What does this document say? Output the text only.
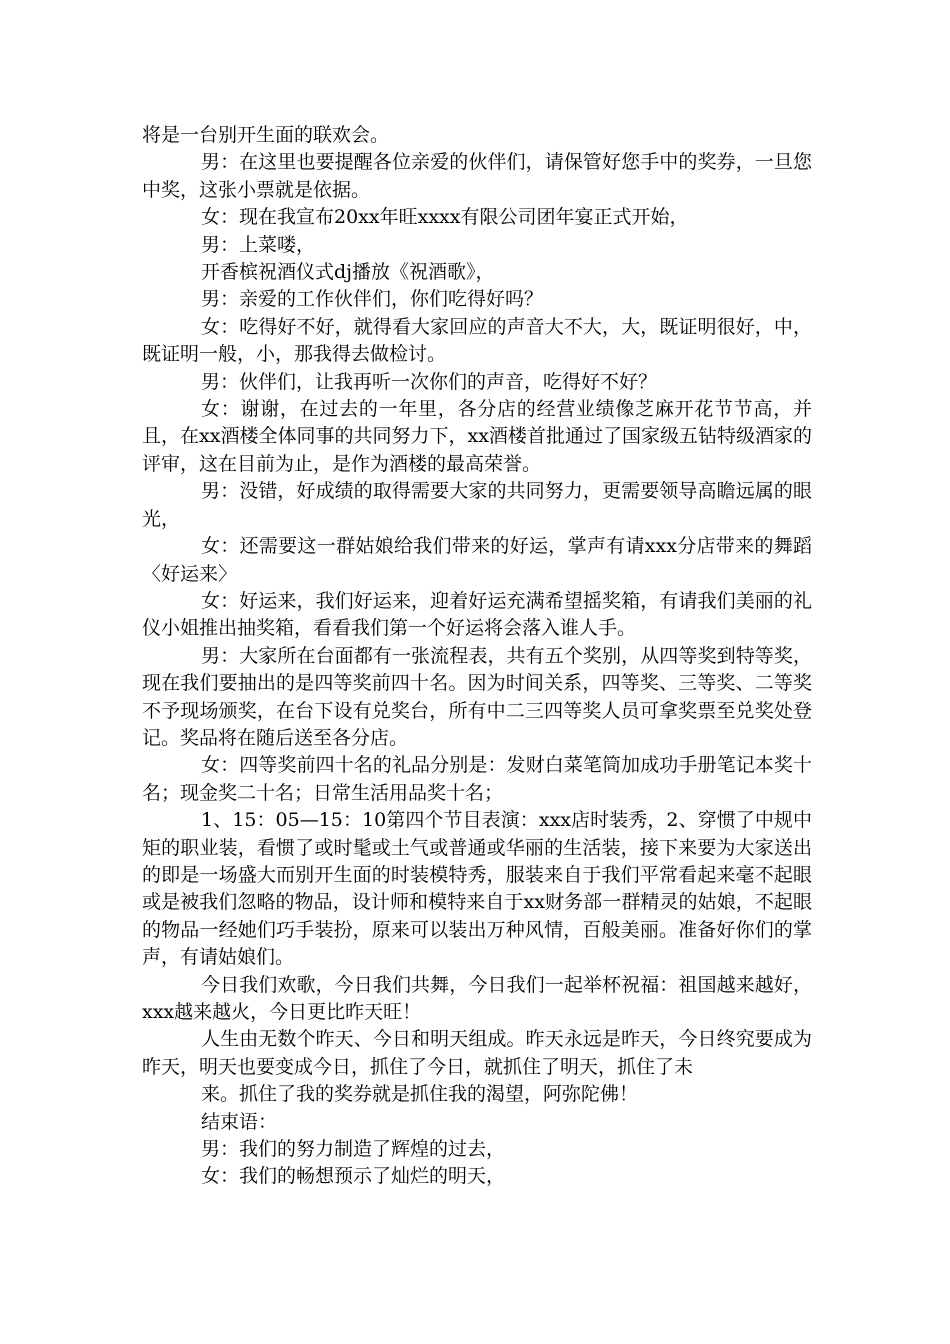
将是一台别开生面的联欢会。

男：在这里也要提醒各位亲爱的伙伴们，请保管好您手中的奖券，一旦您中奖，这张小票就是依据。

女：现在我宣布20xx年旺xxxx有限公司团年宴正式开始，

男：上菜喽，

开香槟祝酒仪式dj播放《祝酒歌》，

男：亲爱的工作伙伴们，你们吃得好吗？

女：吃得好不好，就得看大家回应的声音大不大，大，既证明很好，中，既证明一般，小，那我得去做检讨。

男：伙伴们，让我再听一次你们的声音，吃得好不好？

女：谢谢，在过去的一年里，各分店的经营业绩像芝麻开花节节高，并且，在xx酒楼全体同事的共同努力下，xx酒楼首批通过了国家级五钻特级酒家的评审，这在目前为止，是作为酒楼的最高荣誉。

男：没错，好成绩的取得需要大家的共同努力，更需要领导高瞻远属的眼光，

女：还需要这一群姑娘给我们带来的好运，掌声有请xxx分店带来的舞蹈〈好运来〉

女：好运来，我们好运来，迎着好运充满希望摇奖箱，有请我们美丽的礼仪小姐推出抽奖箱，看看我们第一个好运将会落入谁人手。

男：大家所在台面都有一张流程表，共有五个奖别，从四等奖到特等奖，现在我们要抽出的是四等奖前四十名。因为时间关系，四等奖、三等奖、二等奖不予现场颁奖，在台下设有兑奖台，所有中二三四等奖人员可拿奖票至兑奖处登记。奖品将在随后送至各分店。

女：四等奖前四十名的礼品分别是：发财白菜笔筒加成功手册笔记本奖十名；现金奖二十名；日常生活用品奖十名；

1、15：05—15：10第四个节目表演：xxx店时装秀，2、穿惯了中规中矩的职业装，看惯了或时髦或土气或普通或华丽的生活装，接下来要为大家送出的即是一场盛大而别开生面的时装模特秀，服装来自于我们平常看起来毫不起眼或是被我们忽略的物品，设计师和模特来自于xx财务部一群精灵的姑娘，不起眼的物品一经她们巧手装扮，原来可以装出万种风情，百般美丽。准备好你们的掌声，有请姑娘们。

今日我们欢歌，今日我们共舞，今日我们一起举杯祝福：祖国越来越好，xxx越来越火，今日更比昨天旺！

人生由无数个昨天、今日和明天组成。昨天永远是昨天，今日终究要成为昨天，明天也要变成今日，抓住了今日，就抓住了明天，抓住了未

来。抓住了我的奖券就是抓住我的渴望，阿弥陀佛！

结束语：

男：我们的努力制造了辉煌的过去，

女：我们的畅想预示了灿烂的明天，
